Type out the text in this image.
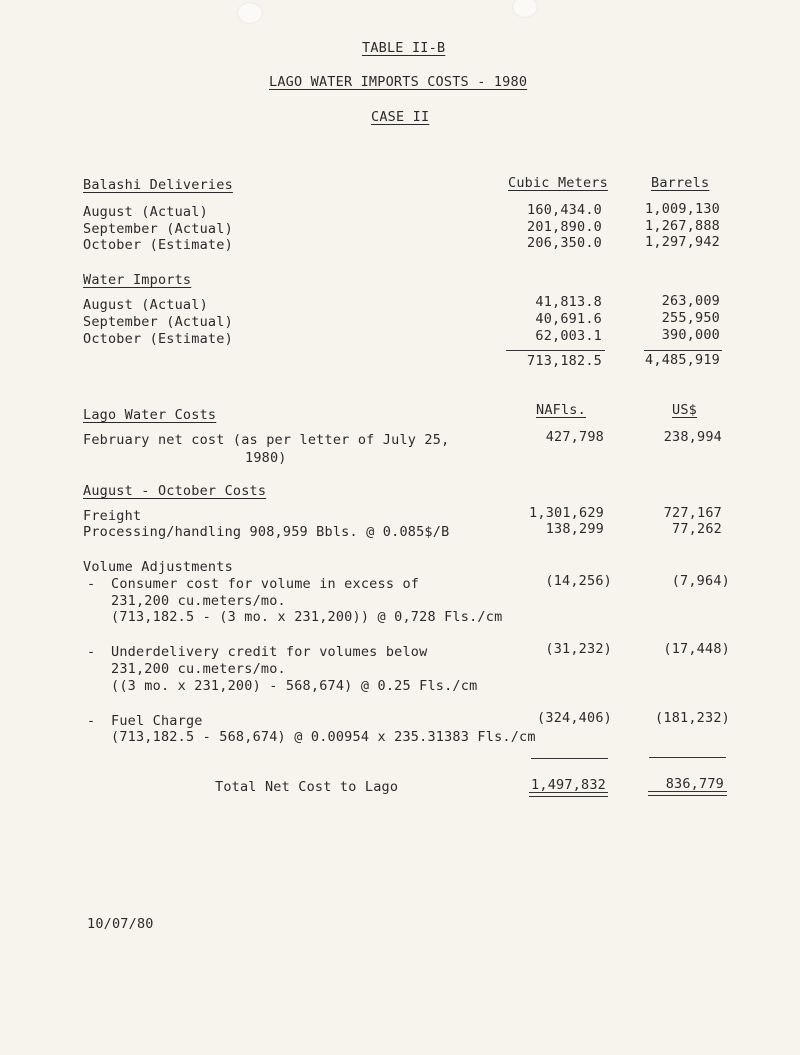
TABLE II-B
LAGO WATER IMPORTS COSTS - 1980
CASE II
Balashi Deliveries	Cubic Meters	Barrels
August (Actual)	160,434.0	1,009,130
September (Actual)	201,890.0	1,267,888
October (Estimate)	206,350.0	1,297,942
Water Imports
August (Actual)	41,813.8	263,009
September (Actual)	40,691.6	255,950
October (Estimate)	62,003.1	390,000
713,182.5	4,485,919
Lago Water Costs	NAFls.	US$
February net cost (as per letter of July 25,
1980)
427,798	238,994
August - October Costs
Freight	1,301,629	727,167
Processing/handling 908,959 Bbls. @ 0.085$/B	138,299	77,262
Volume Adjustments
- Consumer cost for volume in excess of
231,200 cu.meters/mo.
(713,182.5 - (3 mo. x 231,200)) @ 0,728 Fls./cm
(14,256)	(7,964)
- Underdelivery credit for volumes below
231,200 cu.meters/mo.
((3 mo. x 231,200) - 568,674) @ 0.25 Fls./cm
(31,232)	(17,448)
- Fuel Charge
(713,182.5 - 568,674) @ 0.00954 x 235.31383 Fls./cm
(324,406)	(181,232)
Total Net Cost to Lago	1,497,832	836,779
10/07/80
